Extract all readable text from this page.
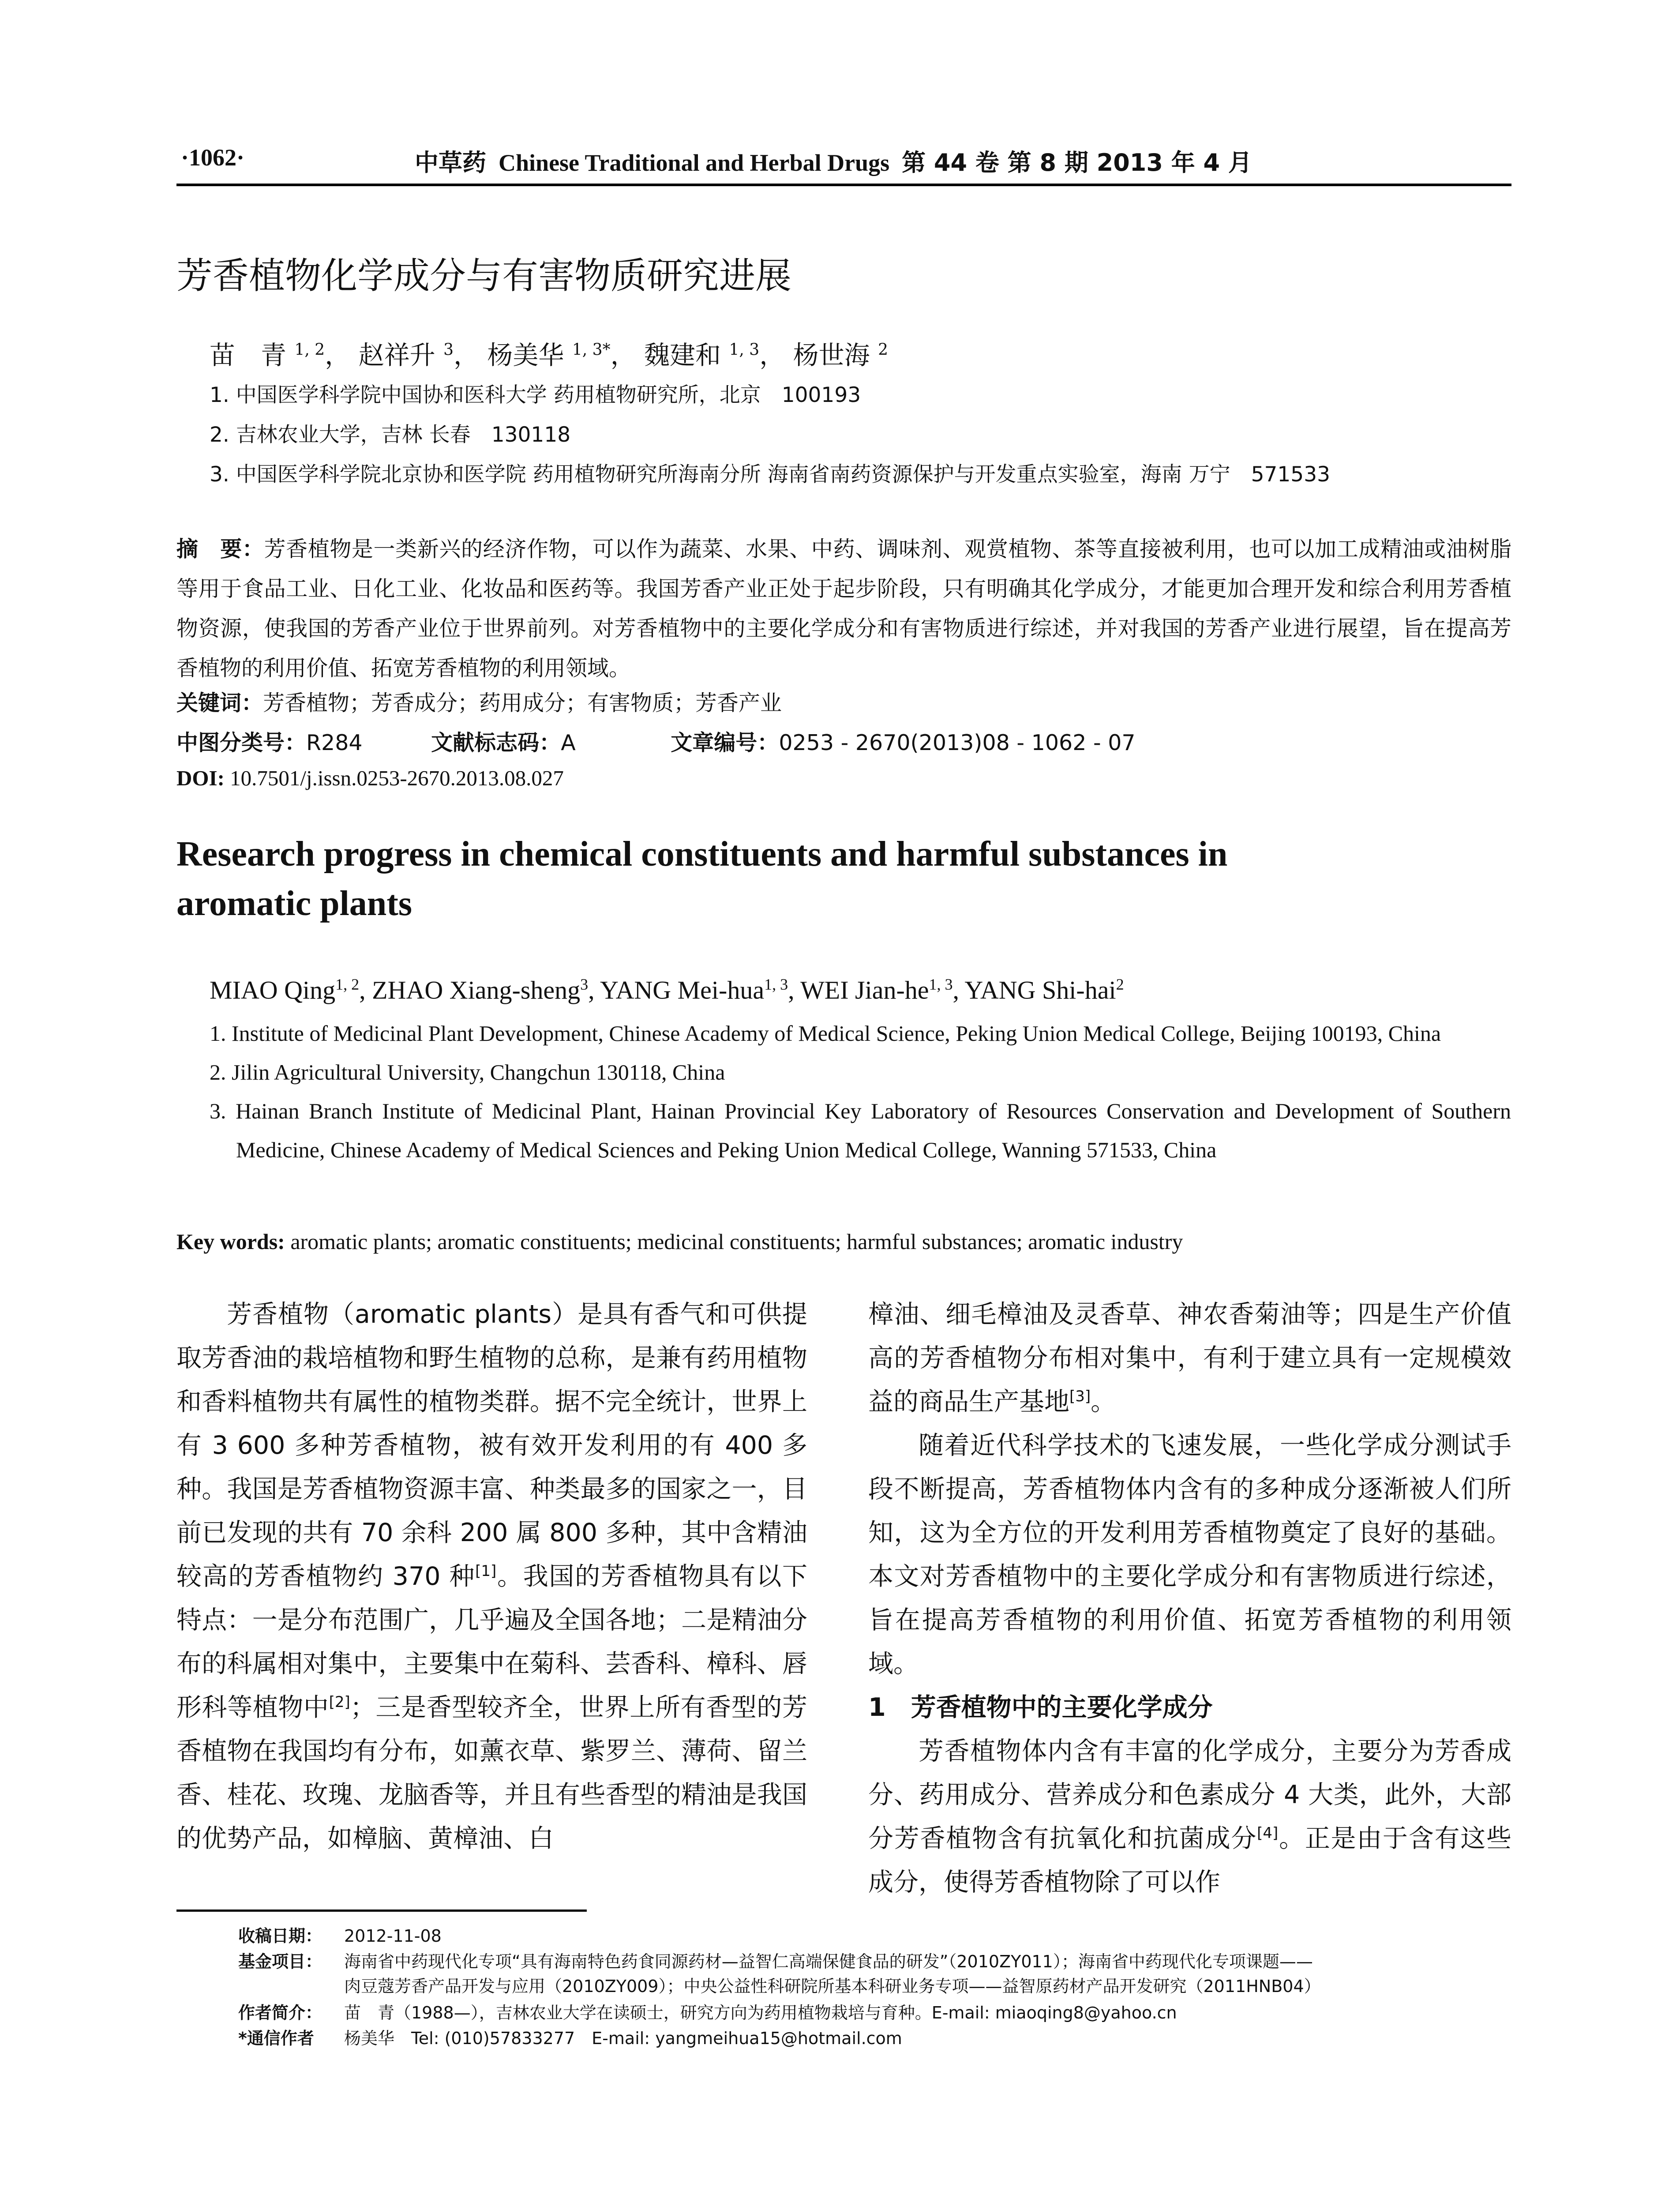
·1062·	中草药 Chinese Traditional and Herbal Drugs 第 44 卷 第 8 期 2013 年 4 月
芳香植物化学成分与有害物质研究进展
苗　青 $^{1, 2}$， 赵祥升 $^3$， 杨美华 $^{1, 3*}$， 魏建和 $^{1, 3}$， 杨世海 $^2$
1. 中国医学科学院中国协和医科大学 药用植物研究所，北京　100193
2. 吉林农业大学，吉林 长春　130118
3. 中国医学科学院北京协和医学院 药用植物研究所海南分所 海南省南药资源保护与开发重点实验室，海南 万宁　571533
摘　要：芳香植物是一类新兴的经济作物，可以作为蔬菜、水果、中药、调味剂、观赏植物、茶等直接被利用，也可以加工成精油或油树脂等用于食品工业、日化工业、化妆品和医药等。我国芳香产业正处于起步阶段，只有明确其化学成分，才能更加合理开发和综合利用芳香植物资源，使我国的芳香产业位于世界前列。对芳香植物中的主要化学成分和有害物质进行综述，并对我国的芳香产业进行展望，旨在提高芳香植物的利用价值、拓宽芳香植物的利用领域。
关键词：芳香植物；芳香成分；药用成分；有害物质；芳香产业
中图分类号：R284	文献标志码：A	文章编号：0253 - 2670(2013)08 - 1062 - 07
DOI: 10.7501/j.issn.0253-2670.2013.08.027
Research progress in chemical constituents and harmful substances in aromatic plants
MIAO Qing$^{1, 2}$, ZHAO Xiang-sheng$^3$, YANG Mei-hua$^{1, 3}$, WEI Jian-he$^{1, 3}$, YANG Shi-hai$^2$
1. Institute of Medicinal Plant Development, Chinese Academy of Medical Science, Peking Union Medical College, Beijing 100193, China
2. Jilin Agricultural University, Changchun 130118, China
3. Hainan Branch Institute of Medicinal Plant, Hainan Provincial Key Laboratory of Resources Conservation and Development of Southern Medicine, Chinese Academy of Medical Sciences and Peking Union Medical College, Wanning 571533, China
Key words: aromatic plants; aromatic constituents; medicinal constituents; harmful substances; aromatic industry

芳香植物（aromatic plants）是具有香气和可供提取芳香油的栽培植物和野生植物的总称，是兼有药用植物和香料植物共有属性的植物类群。据不完全统计，世界上有 3 600 多种芳香植物，被有效开发利用的有 400 多种。我国是芳香植物资源丰富、种类最多的国家之一，目前已发现的共有 70 余科 200 属 800 多种，其中含精油较高的芳香植物约 370 种[1]。我国的芳香植物具有以下特点：一是分布范围广，几乎遍及全国各地；二是精油分布的科属相对集中，主要集中在菊科、芸香科、樟科、唇形科等植物中[2]；三是香型较齐全，世界上所有香型的芳香植物在我国均有分布，如薰衣草、紫罗兰、薄荷、留兰香、桂花、玫瑰、龙脑香等，并且有些香型的精油是我国的优势产品，如樟脑、黄樟油、白

樟油、细毛樟油及灵香草、神农香菊油等；四是生产价值高的芳香植物分布相对集中，有利于建立具有一定规模效益的商品生产基地[3]。

随着近代科学技术的飞速发展，一些化学成分测试手段不断提高，芳香植物体内含有的多种成分逐渐被人们所知，这为全方位的开发利用芳香植物奠定了良好的基础。本文对芳香植物中的主要化学成分和有害物质进行综述，旨在提高芳香植物的利用价值、拓宽芳香植物的利用领域。

1　芳香植物中的主要化学成分

芳香植物体内含有丰富的化学成分，主要分为芳香成分、药用成分、营养成分和色素成分 4 大类，此外，大部分芳香植物含有抗氧化和抗菌成分[4]。正是由于含有这些成分，使得芳香植物除了可以作

收稿日期： 2012-11-08
基金项目： 海南省中药现代化专项“具有海南特色药食同源药材—益智仁高端保健食品的研发”（2010ZY011）；海南省中药现代化专项课题——
肉豆蔻芳香产品开发与应用（2010ZY009）；中央公益性科研院所基本科研业务专项——益智原药材产品开发研究（2011HNB04）
作者简介： 苗　青（1988—），吉林农业大学在读硕士，研究方向为药用植物栽培与育种。E-mail: miaoqing8@yahoo.cn
*通信作者 杨美华　Tel: (010)57833277　E-mail: yangmeihua15@hotmail.com
